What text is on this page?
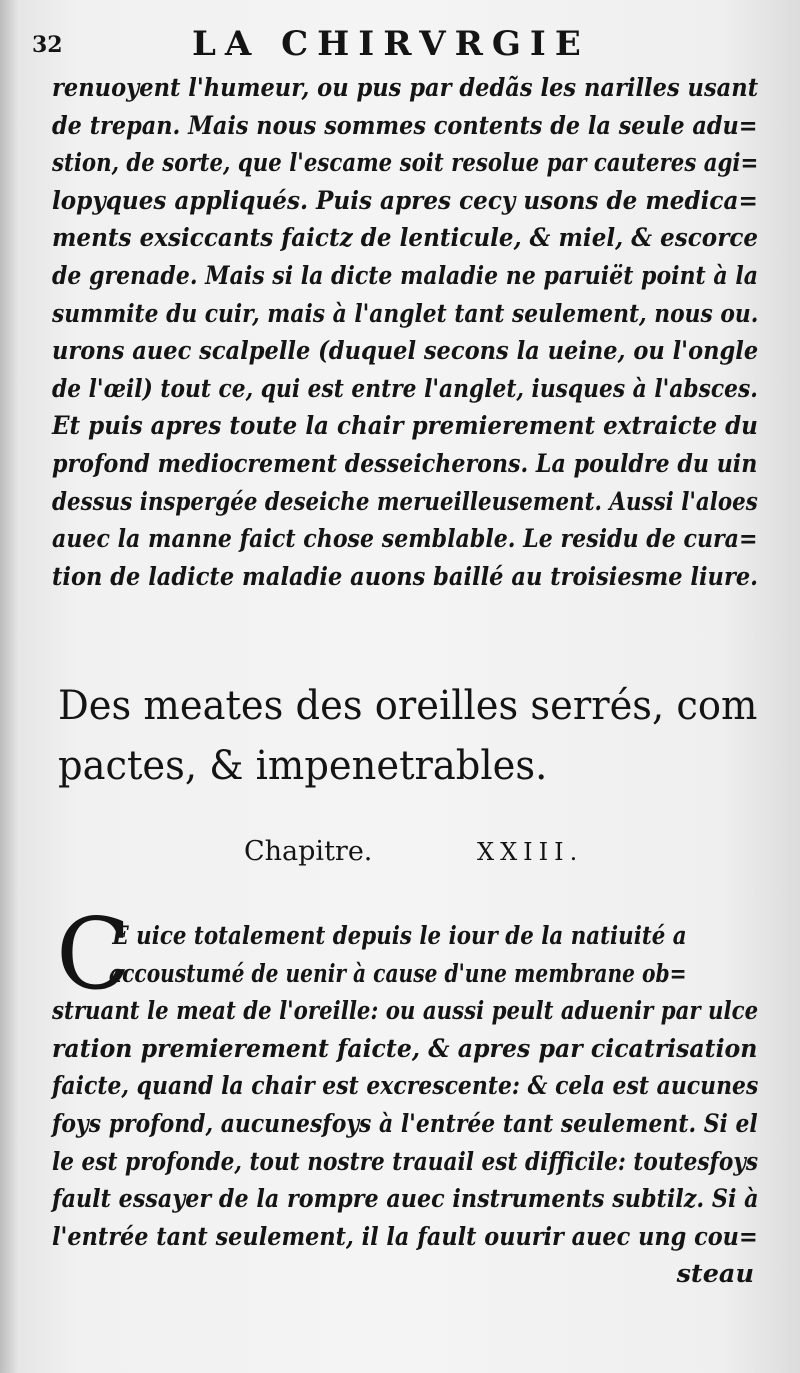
32	LA CHIRVRGIE
renuoyent l'humeur, ou pus par dedãs les narilles usant
de trepan. Mais nous sommes contents de la seule adu=
stion, de sorte, que l'escame soit resolue par cauteres agi=
lopyques appliqués. Puis apres cecy usons de medica=
ments exsiccants faictz de lenticule, & miel, & escorce
de grenade. Mais si la dicte maladie ne paruiët point à la
summite du cuir, mais à l'anglet tant seulement, nous ou.
urons auec scalpelle (duquel secons la ueine, ou l'ongle
de l'œil) tout ce, qui est entre l'anglet, iusques à l'absces.
Et puis apres toute la chair premierement extraicte du
profond mediocrement desseicherons. La pouldre du uin
dessus inspergée deseiche merueilleusement. Aussi l'aloes
auec la manne faict chose semblable. Le residu de cura=
tion de ladicte maladie auons baillé au troisiesme liure.
Des meates des oreilles serrés, com
pactes, & impenetrables.
Chapitre.	XXIII.
C
E uice totalement depuis le iour de la natiuité a
accoustumé de uenir à cause d'une membrane ob=
struant le meat de l'oreille: ou aussi peult aduenir par ulce
ration premierement faicte, & apres par cicatrisation
faicte, quand la chair est excrescente: & cela est aucunes
foys profond, aucunesfoys à l'entrée tant seulement. Si el
le est profonde, tout nostre trauail est difficile: toutesfoys
fault essayer de la rompre auec instruments subtilz. Si à
l'entrée tant seulement, il la fault ouurir auec ung cou=
steau
